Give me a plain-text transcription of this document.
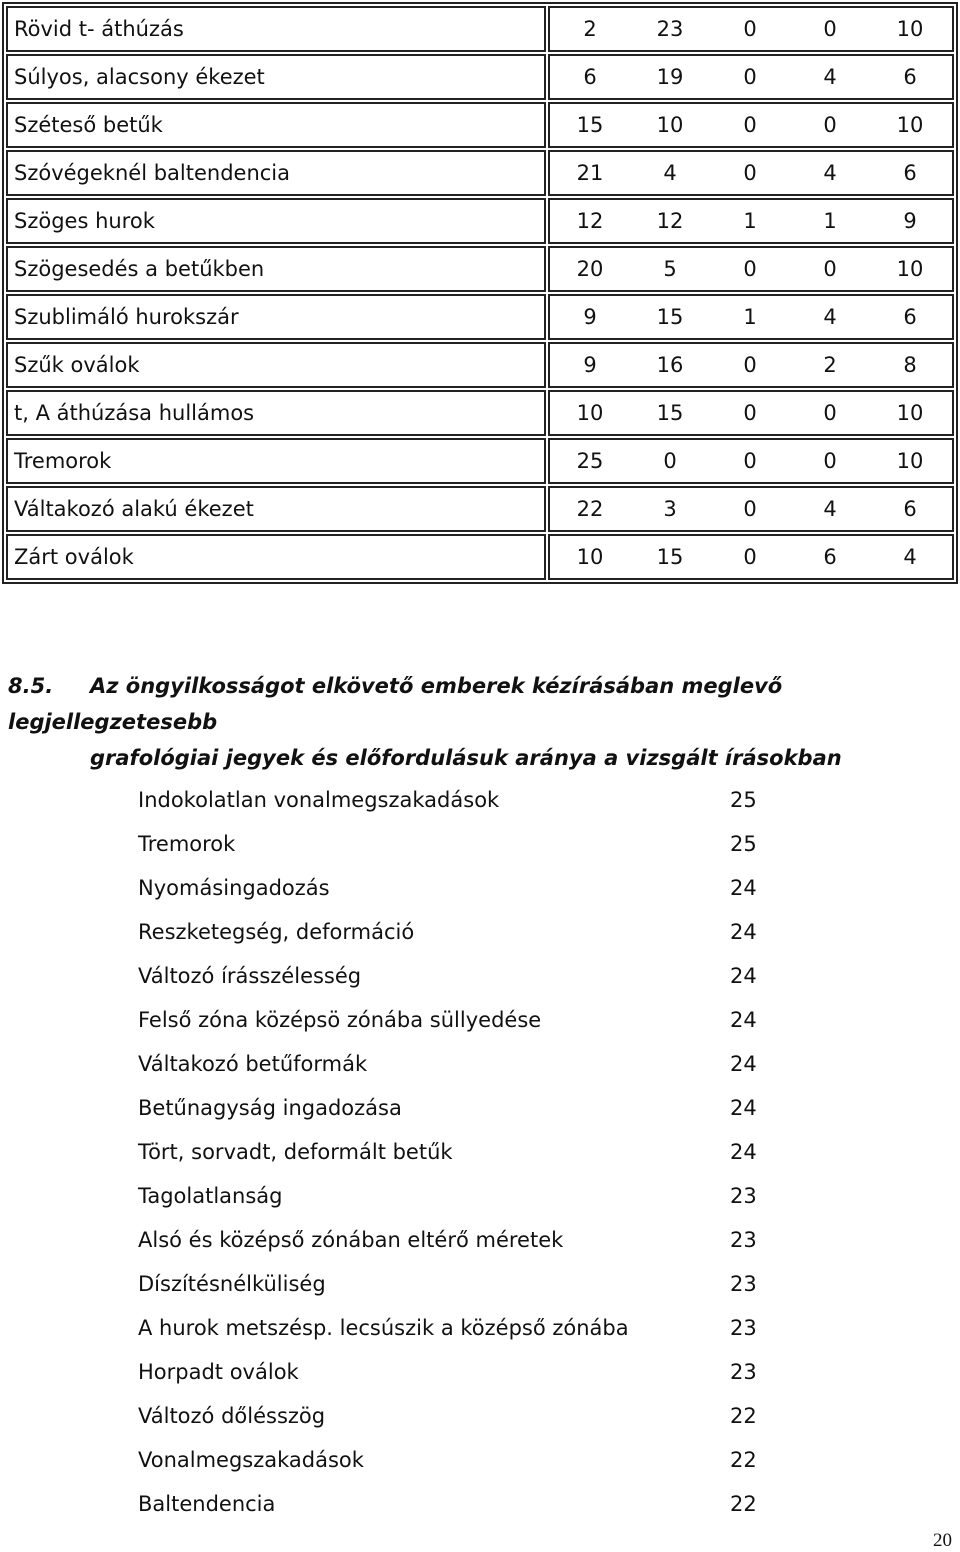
Rövid t- áthúzás	2 23 0 0 10

Súlyos, alacsony ékezet	6 19 0 4 6

Széteső betűk	15 10 0 0 10

Szóvégeknél baltendencia	21 4 0 4 6

Szöges hurok	12 12 1 1 9

Szögesedés a betűkben	20 5 0 0 10

Szublimáló hurokszár	9 15 1 4 6

Szűk oválok	9 16 0 2 8

t, A áthúzása hullámos	10 15 0 0 10

Tremorok	25 0 0 0 10

Váltakozó alakú ékezet	22 3 0 4 6

Zárt oválok	10 15 0 6 4
8.5. Az öngyilkosságot elkövető emberek kézírásában meglevő legjellegzetesebb
grafológiai jegyek és előfordulásuk aránya a vizsgált írásokban
Indokolatlan vonalmegszakadások	25
Tremorok	25
Nyomásingadozás	24
Reszketegség, deformáció	24
Változó írásszélesség	24
Felső zóna középsö zónába süllyedése	24
Váltakozó betűformák	24
Betűnagyság ingadozása	24
Tört, sorvadt, deformált betűk	24
Tagolatlanság	23
Alsó és középső zónában eltérő méretek	23
Díszítésnélküliség	23
A hurok metszésp. lecsúszik a középső zónába	23
Horpadt oválok	23
Változó dőlésszög	22
Vonalmegszakadások	22
Baltendencia	22
20
